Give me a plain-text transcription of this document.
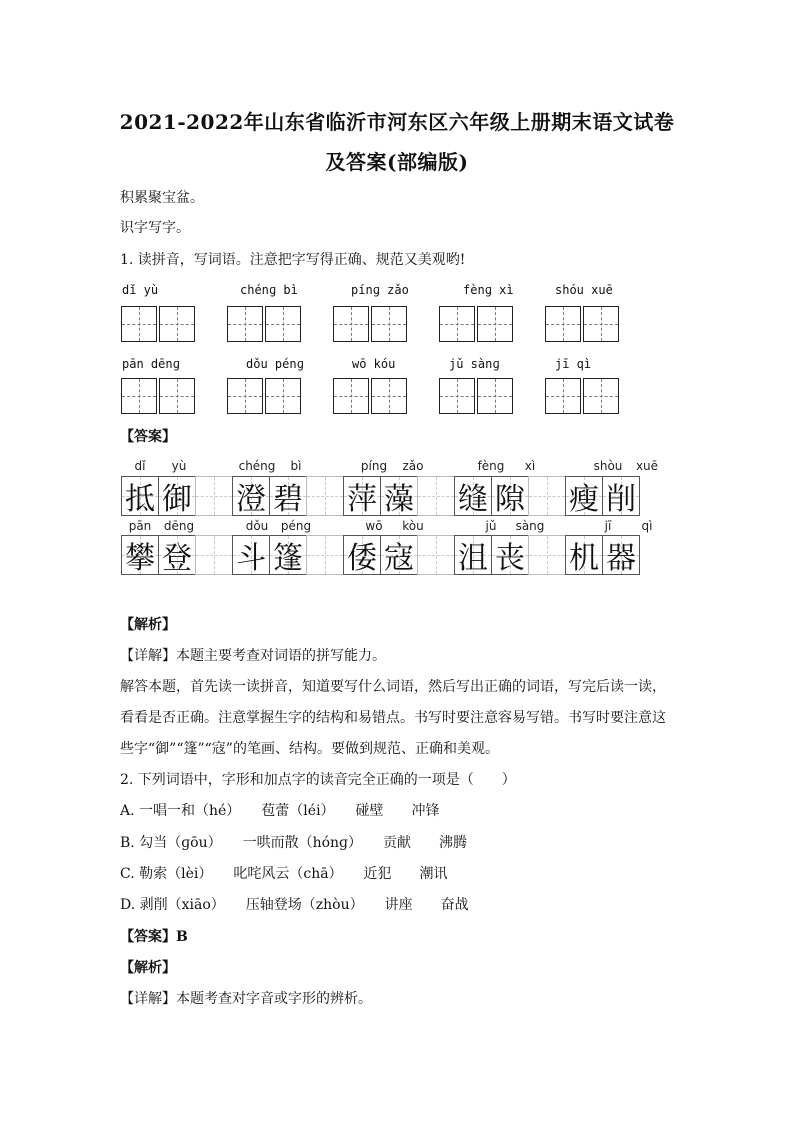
2021-2022年山东省临沂市河东区六年级上册期末语文试卷
及答案(部编版)
积累聚宝盆。
识字写字。
1. 读拼音，写词语。注意把字写得正确、规范又美观哟!
dǐ yù	chénɡ bì	pínɡ zǎo	fènɡ xì	shóu xuē
pān dēnɡ	dǒu pénɡ	wō kóu	jǔ sànɡ	jī qì
【答案】
dǐ	yù	chéng	bì	píng	zǎo	fèng	xì	shòu	xuē
抵 御 澄 碧 萍 藻 缝 隙 瘦 削
pān	dēng	dǒu	péng	wō	kòu	jǔ	sàng	jī	qì
攀 登 斗 篷 倭 寇 沮 丧 机 器
【解析】
【详解】本题主要考查对词语的拼写能力。
解答本题，首先读一读拼音，知道要写什么词语，然后写出正确的词语，写完后读一读，
看看是否正确。注意掌握生字的结构和易错点。书写时要注意容易写错。书写时要注意这
些字“御”“篷”“寇”的笔画、结构。要做到规范、正确和美观。
2. 下列词语中，字形和加点字的读音完全正确的一项是（　　）
A. 一唱一和（hé）　　苞蕾（léi）　　碰壁　　冲锋
B. 勾当（ɡōu）　　一哄而散（hónɡ）　　贡献　　沸腾
C. 勒索（lèi）　　叱咤风云（chā）　　近犯　　潮讯
D. 剥削（xiāo）　　压轴登场（zhòu）　　讲座　　奋战
【答案】B
【解析】
【详解】本题考查对字音或字形的辨析。
